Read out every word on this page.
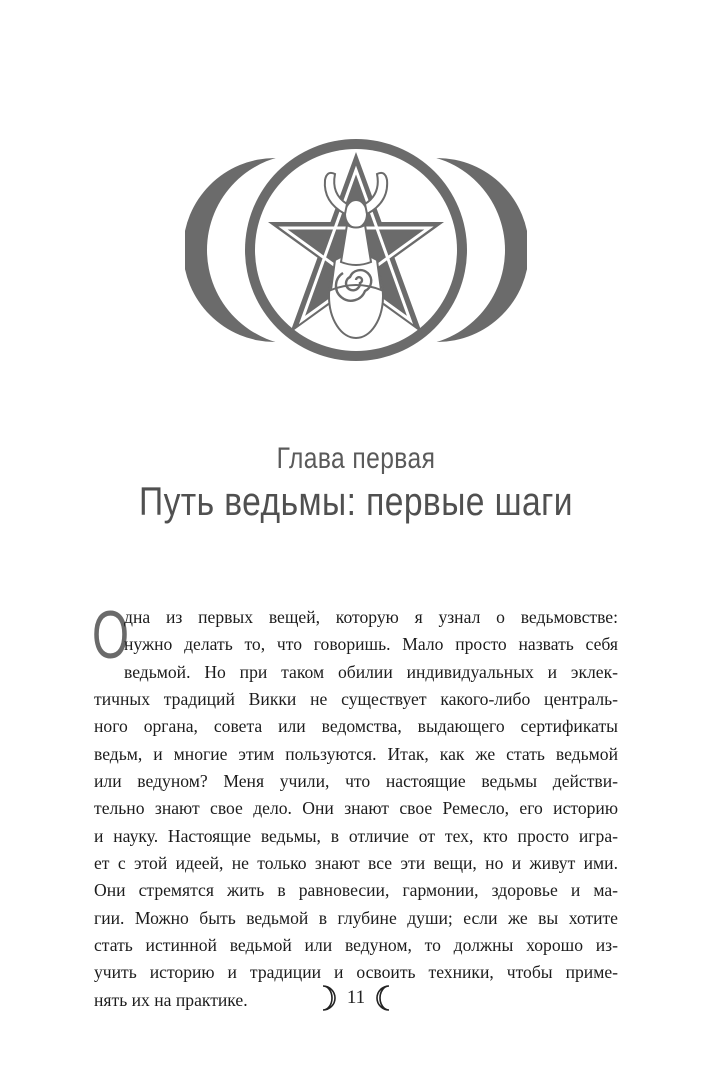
Глава первая
Путь ведьмы: первые шаги
О
дна из первых вещей, которую я узнал о ведьмовстве:
нужно делать то, что говоришь. Мало просто назвать себя
ведьмой. Но при таком обилии индивидуальных и эклек-
тичных традиций Викки не существует какого-либо централь-
ного органа, совета или ведомства, выдающего сертификаты
ведьм, и многие этим пользуются. Итак, как же стать ведьмой
или ведуном? Меня учили, что настоящие ведьмы действи-
тельно знают свое дело. Они знают свое Ремесло, его историю
и науку. Настоящие ведьмы, в отличие от тех, кто просто игра-
ет с этой идеей, не только знают все эти вещи, но и живут ими.
Они стремятся жить в равновесии, гармонии, здоровье и ма-
гии. Можно быть ведьмой в глубине души; если же вы хотите
стать истинной ведьмой или ведуном, то должны хорошо из-
учить историю и традиции и освоить техники, чтобы приме-
нять их на практике.	11
